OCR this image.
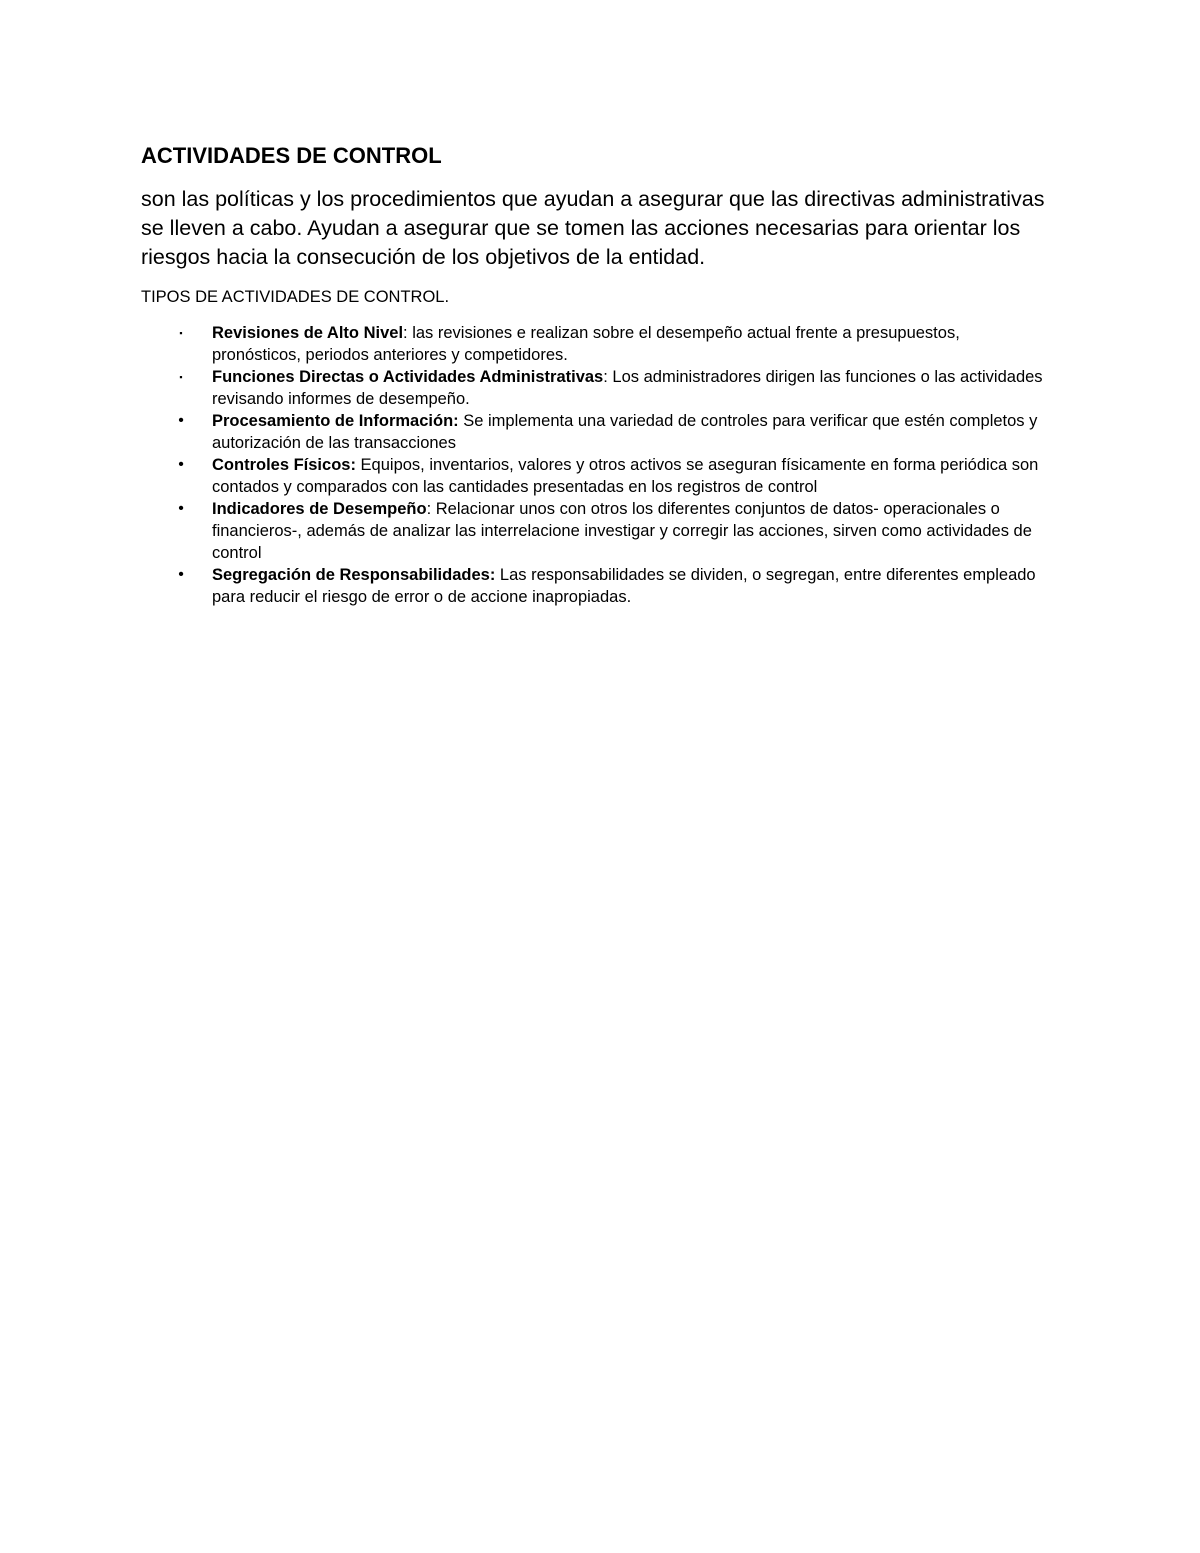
ACTIVIDADES DE CONTROL
son las políticas y los procedimientos que ayudan a asegurar que las directivas administrativas se lleven a cabo. Ayudan a asegurar que se tomen las acciones necesarias para orientar los riesgos hacia la consecución de los objetivos de la entidad.
TIPOS DE ACTIVIDADES DE CONTROL.
▪	Revisiones de Alto Nivel: las revisiones e realizan sobre el desempeño actual frente a presupuestos, pronósticos, periodos anteriores y competidores.
▪	Funciones Directas o Actividades Administrativas: Los administradores dirigen las funciones o las actividades revisando informes de desempeño.
• Procesamiento de Información: Se implementa una variedad de controles para verificar que estén completos y autorización de las transacciones
• Controles Físicos: Equipos, inventarios, valores y otros activos se aseguran físicamente en forma periódica son contados y comparados con las cantidades presentadas en los registros de control
• Indicadores de Desempeño: Relacionar unos con otros los diferentes conjuntos de datos- operacionales o financieros-, además de analizar las interrelacione investigar y corregir las acciones, sirven como actividades de control
• Segregación de Responsabilidades: Las responsabilidades se dividen, o segregan, entre diferentes empleado para reducir el riesgo de error o de accione inapropiadas.
